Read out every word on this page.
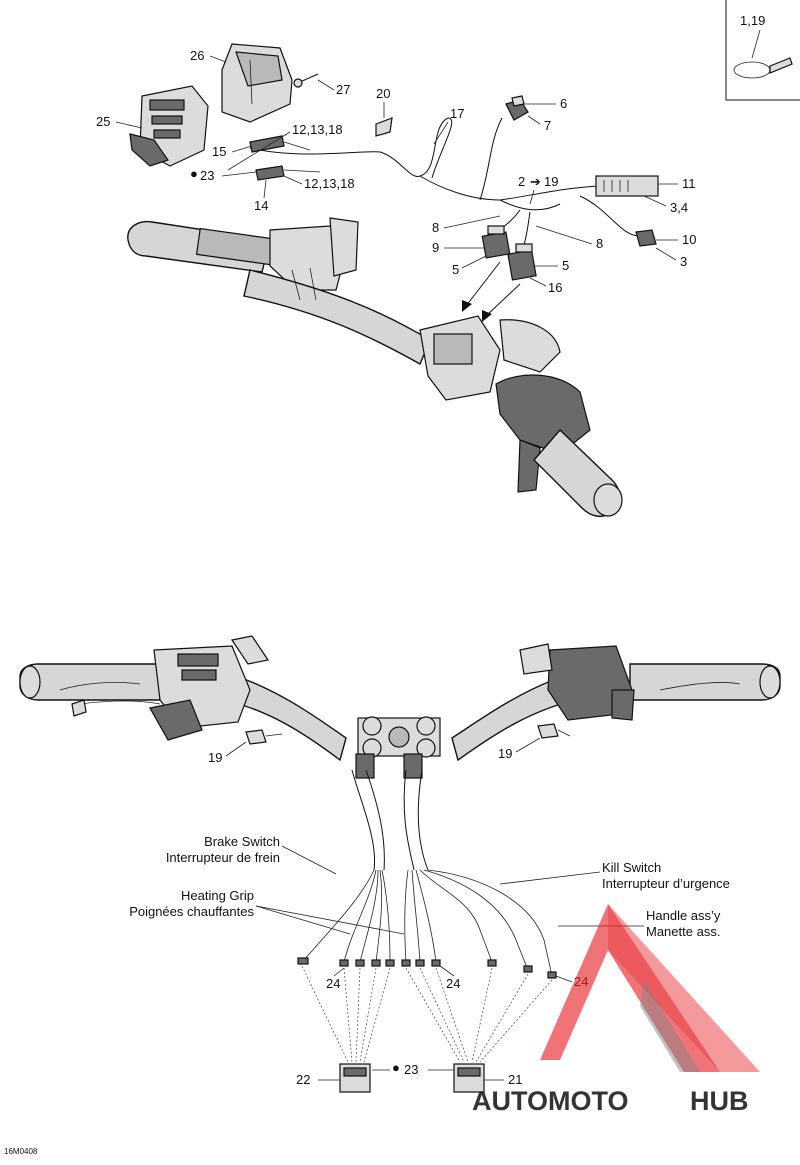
1,19
26
27
25
20
17
6
7
15
12,13,18
● 23
12,13,18
14
2 ➔ 19	11
3,4
8
8	10
9
5	5	3
16
Brake Switch
Interrupteur de frein
Heating Grip
Poignées chauffantes
Kill Switch
Interrupteur d’urgence
Handle ass’y
Manette ass.
19	19
24	24
22
● 23
21
AUTOMOTO HUB
16M0408
